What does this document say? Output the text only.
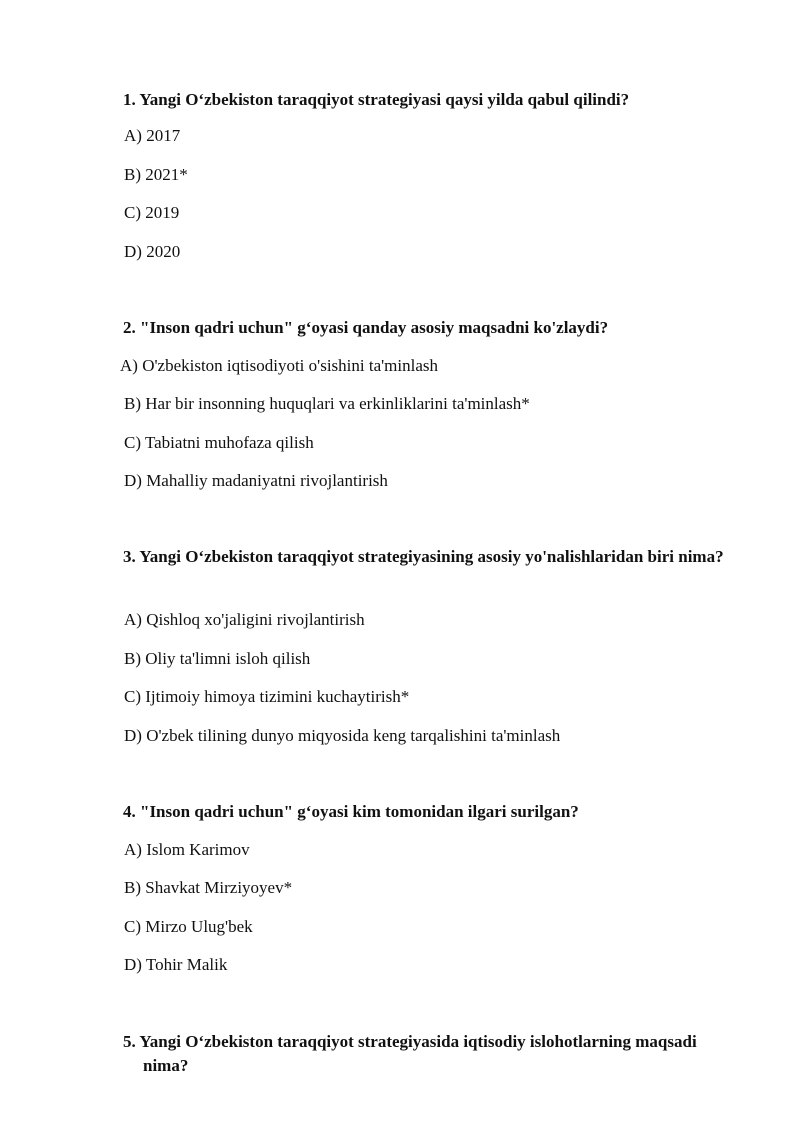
1. Yangi O‘zbekiston taraqqiyot strategiyasi qaysi yilda qabul qilindi?

A) 2017
B) 2021*
C) 2019
D) 2020

2. "Inson qadri uchun" g‘oyasi qanday asosiy maqsadni ko'zlaydi?

A) O'zbekiston iqtisodiyoti o'sishini ta'minlash
B) Har bir insonning huquqlari va erkinliklarini ta'minlash*
C) Tabiatni muhofaza qilish
D) Mahalliy madaniyatni rivojlantirish

3. Yangi O‘zbekiston taraqqiyot strategiyasining asosiy yo'nalishlaridan biri nima?

A) Qishloq xo'jaligini rivojlantirish
B) Oliy ta'limni isloh qilish
C) Ijtimoiy himoya tizimini kuchaytirish*
D) O'zbek tilining dunyo miqyosida keng tarqalishini ta'minlash

4. "Inson qadri uchun" g‘oyasi kim tomonidan ilgari surilgan?

A) Islom Karimov
B) Shavkat Mirziyoyev*
C) Mirzo Ulug'bek
D) Tohir Malik

5. Yangi O‘zbekiston taraqqiyot strategiyasida iqtisodiy islohotlarning maqsadi nima?
